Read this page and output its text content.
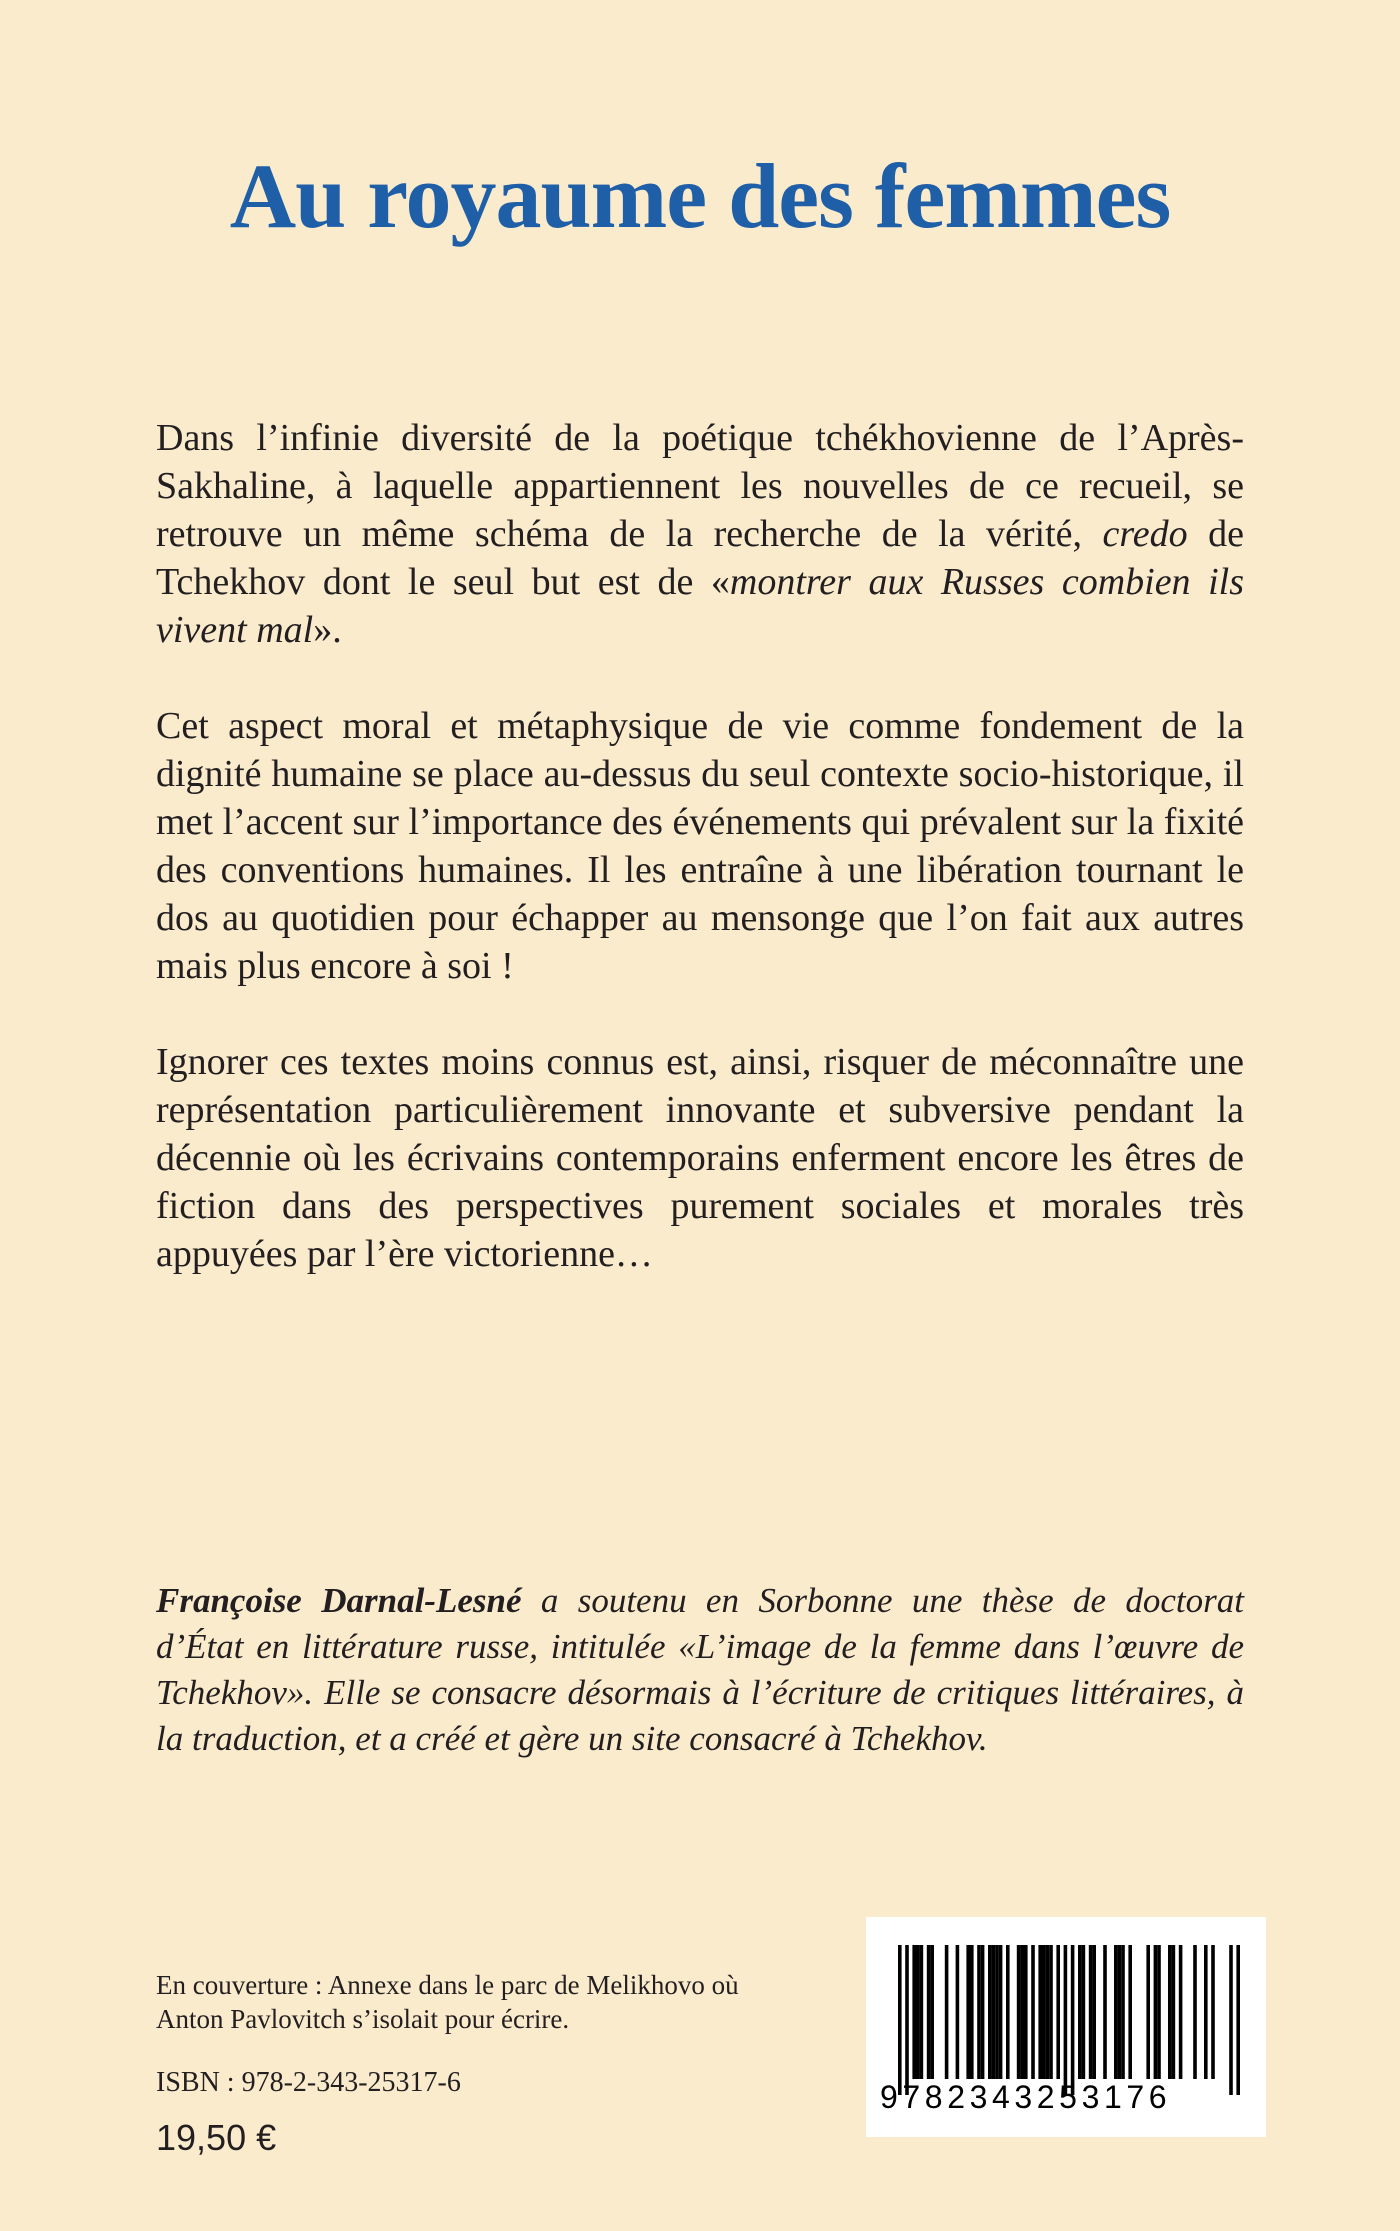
Au royaume des femmes

Dans l’infinie diversité de la poétique tchékhovienne de l’Après-Sakhaline, à laquelle appartiennent les nouvelles de ce recueil, se retrouve un même schéma de la recherche de la vérité, credo de Tchekhov dont le seul but est de «montrer aux Russes combien ils vivent mal».

Cet aspect moral et métaphysique de vie comme fondement de la dignité humaine se place au-dessus du seul contexte socio-historique, il met l’accent sur l’importance des événements qui prévalent sur la fixité des conventions humaines. Il les entraîne à une libération tournant le dos au quotidien pour échapper au mensonge que l’on fait aux autres mais plus encore à soi !

Ignorer ces textes moins connus est, ainsi, risquer de méconnaître une représentation particulièrement innovante et subversive pendant la décennie où les écrivains contemporains enferment encore les êtres de fiction dans des perspectives purement sociales et morales très appuyées par l’ère victorienne…

Françoise Darnal-Lesné a soutenu en Sorbonne une thèse de doctorat d’État en littérature russe, intitulée «L’image de la femme dans l’œuvre de Tchekhov». Elle se consacre désormais à l’écriture de critiques littéraires, à la traduction, et a créé et gère un site consacré à Tchekhov.
En couverture : Annexe dans le parc de Melikhovo où
Anton Pavlovitch s’isolait pour écrire.
ISBN : 978-2-343-25317-6
19,50 €
9782343253176
